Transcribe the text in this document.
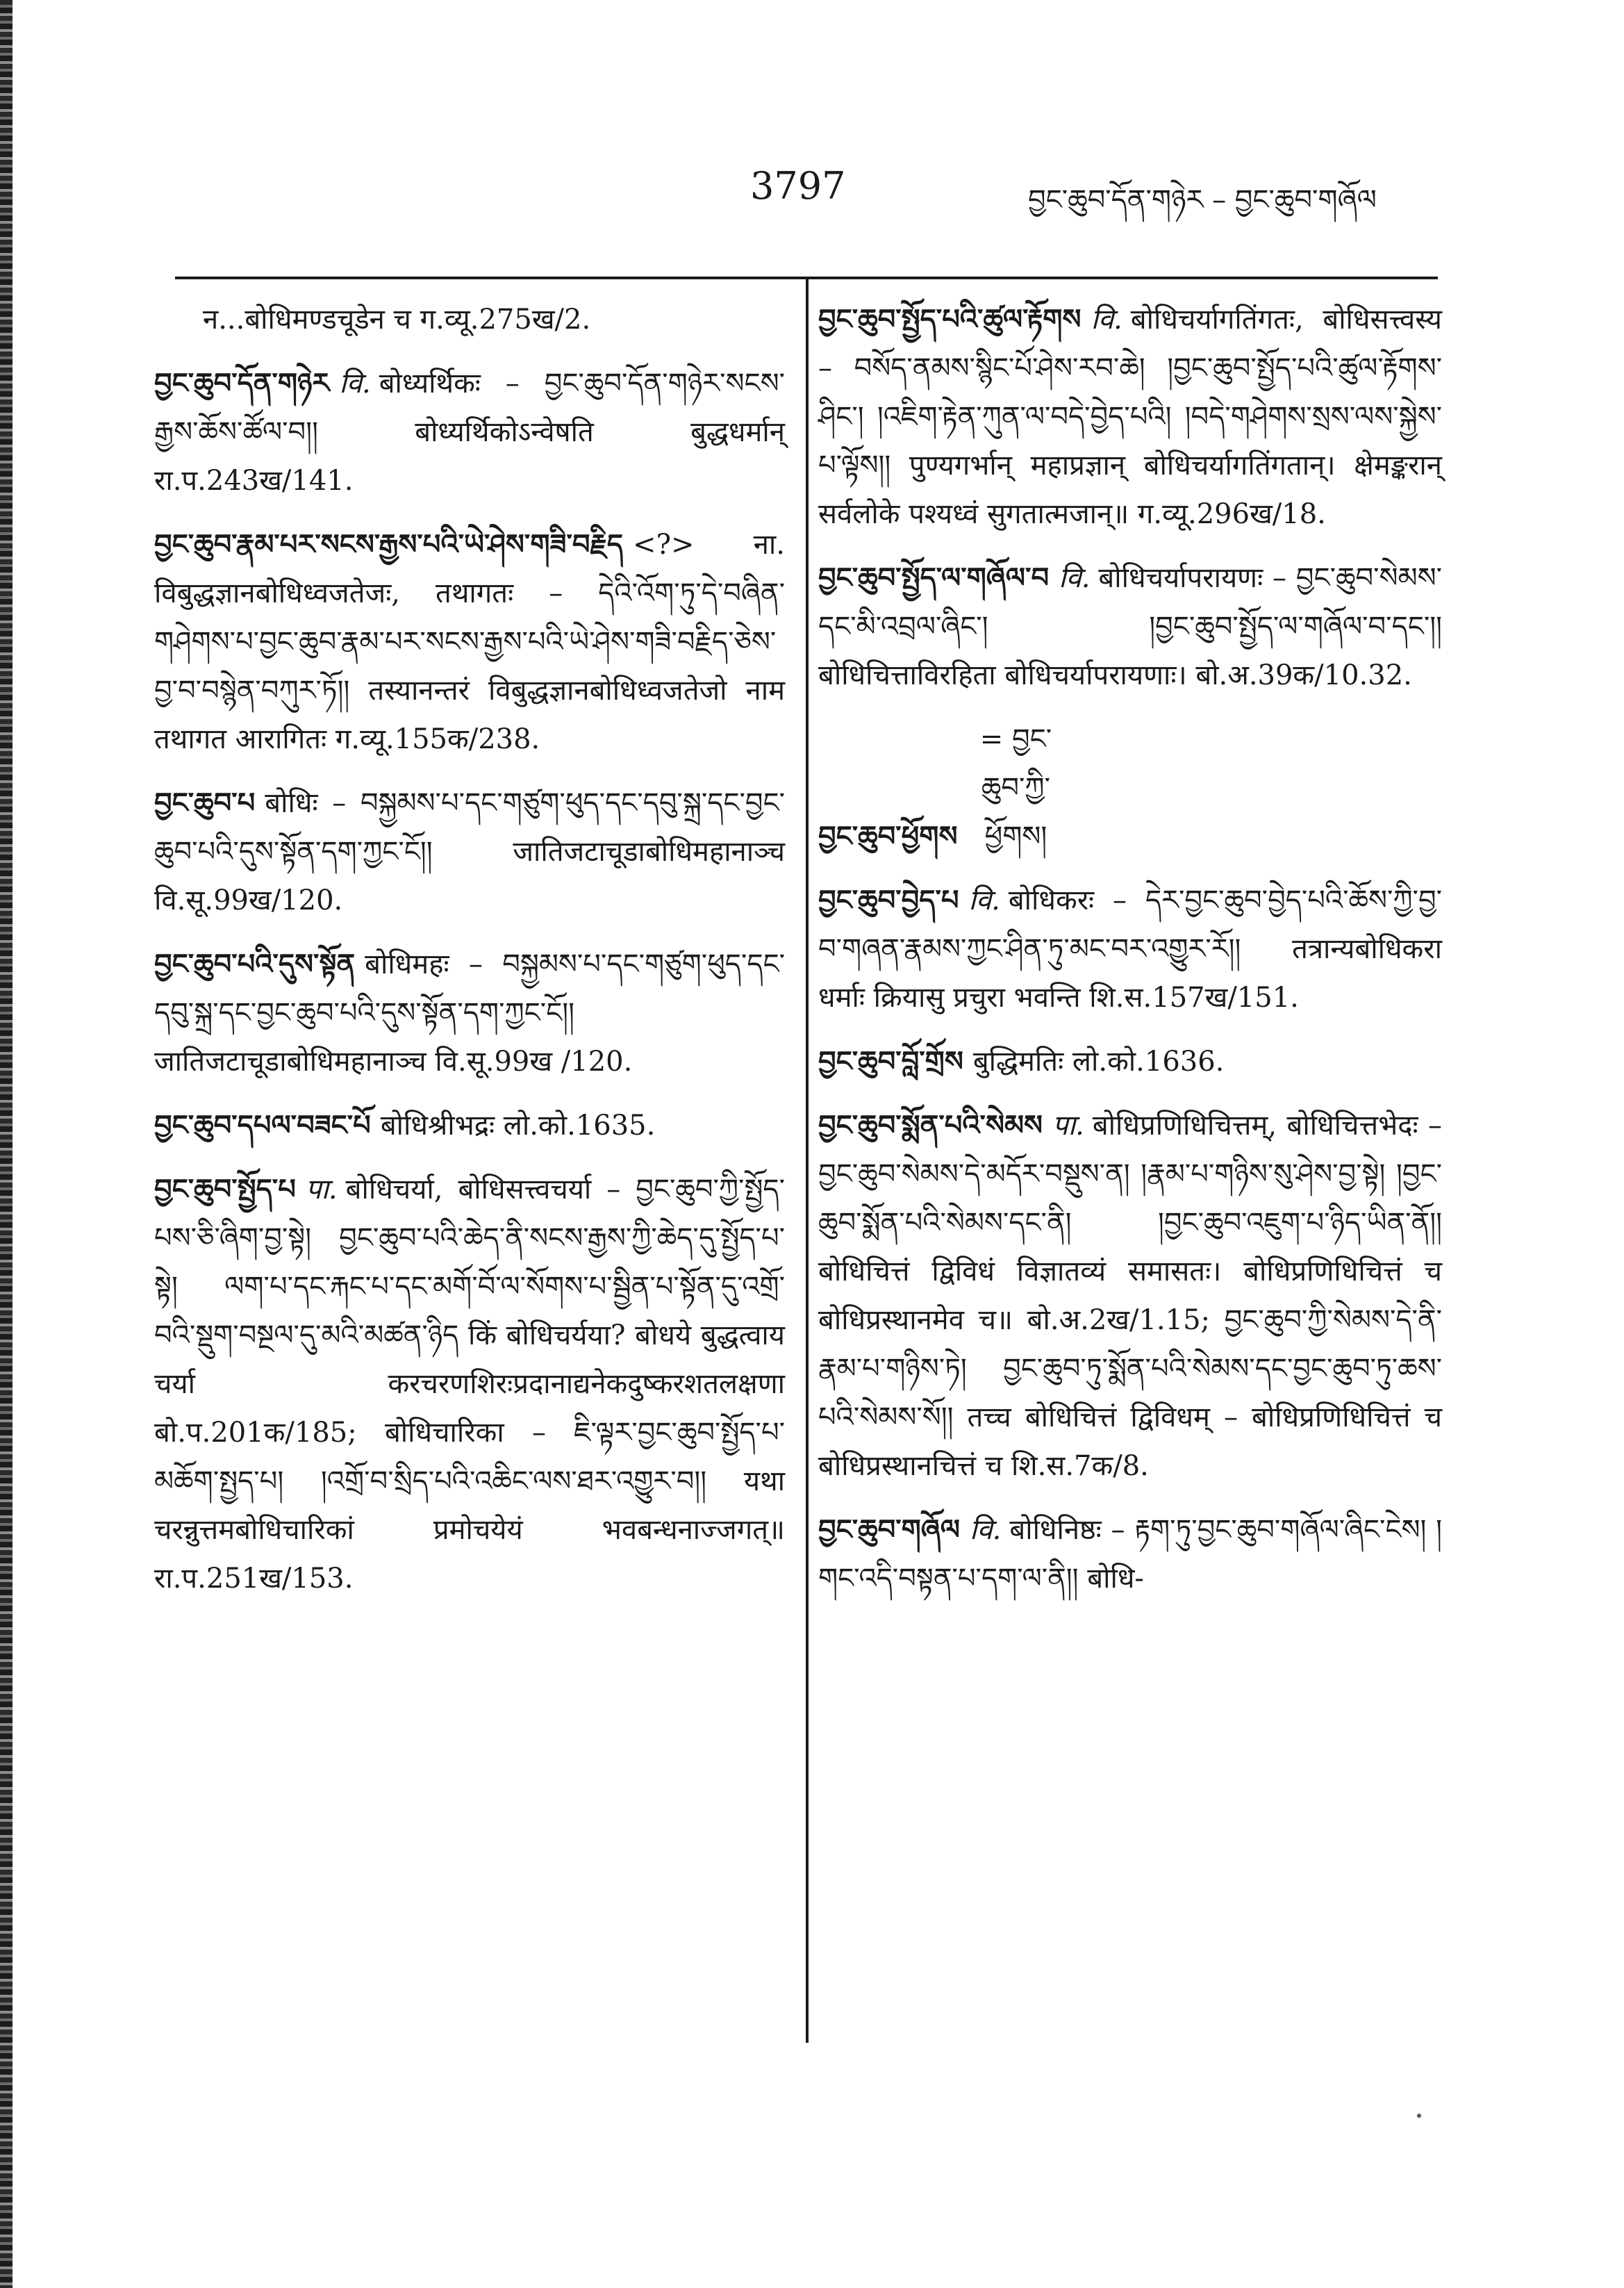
3797	བྱང་ཆུབ་དོན་གཉེར – བྱང་ཆུབ་གཞོལ

न...बोधिमण्डचूडेन च ग.व्यू.275ख/2.

བྱང་ཆུབ་དོན་གཉེར वि. बोध्यर्थिकः – བྱང་ཆུབ་དོན་གཉེར་སངས་རྒྱས་ཆོས་ཚོལ་བ།། बोध्यर्थिकोऽन्वेषति बुद्धधर्मान् रा.प.243ख/141.

བྱང་ཆུབ་རྣམ་པར་སངས་རྒྱས་པའི་ཡེ་ཤེས་གཟི་བརྗིད <?> ना. विबुद्धज्ञानबोधिध्वजतेजः, तथागतः – དེའི་འོག་ཏུ་དེ་བཞིན་གཤེགས་པ་བྱང་ཆུབ་རྣམ་པར་སངས་རྒྱས་པའི་ཡེ་ཤེས་གཟི་བརྗིད་ཅེས་བྱ་བ་བསྙེན་བཀུར་ཏོ།། तस्यानन्तरं विबुद्धज्ञानबोधिध्वजतेजो नाम तथागत आरागितः ग.व्यू.155क/238.

བྱང་ཆུབ་པ बोधिः – བསྐྱམས་པ་དང་གཙུག་ཕུད་དང་དབུ་སྐྲ་དང་བྱང་ཆུབ་པའི་དུས་སྟོན་དག་ཀྱང་ངོ།། जातिजटाचूडाबोधिमहानाञ्च वि.सू.99ख/120.

བྱང་ཆུབ་པའི་དུས་སྟོན बोधिमहः – བསྐྱམས་པ་དང་གཙུག་ཕུད་དང་དབུ་སྐྲ་དང་བྱང་ཆུབ་པའི་དུས་སྟོན་དག་ཀྱང་ངོ།། जातिजटाचूडाबोधिमहानाञ्च वि.सू.99ख /120.

བྱང་ཆུབ་དཔལ་བཟང་པོ बोधिश्रीभद्रः लो.को.1635.

བྱང་ཆུབ་སྤྱོད་པ पा. बोधिचर्या, बोधिसत्त्वचर्या – བྱང་ཆུབ་ཀྱི་སྤྱོད་པས་ཅི་ཞིག་བྱ་སྟེ། བྱང་ཆུབ་པའི་ཆེད་ནི་སངས་རྒྱས་ཀྱི་ཆེད་དུ་སྤྱོད་པ་སྟེ། ལག་པ་དང་རྐང་པ་དང་མགོ་བོ་ལ་སོགས་པ་སྦྱིན་པ་སྟོན་དུ་འགྲོ་བའི་སྡུག་བསྔལ་དུ་མའི་མཚན་ཉིད किं बोधिचर्यया? बोधये बुद्धत्वाय चर्या करचरणशिरःप्रदानाद्यनेकदुष्करशतलक्षणा बो.प.201क/185; बोधिचारिका – ཇི་ལྟར་བྱང་ཆུབ་སྤྱོད་པ་མཆོག་སྤྱད་པ། །འགྲོ་བ་སྲིད་པའི་འཆིང་ལས་ཐར་འགྱུར་བ།། यथा चरन्नुत्तमबोधिचारिकां प्रमोचयेयं भवबन्धनाज्जगत्॥ रा.प.251ख/153.

བྱང་ཆུབ་སྤྱོད་པའི་ཚུལ་རྟོགས वि. बोधिचर्यागतिंगतः, बोधिसत्त्वस्य – བསོད་ནམས་སྙིང་པོ་ཤེས་རབ་ཆེ། །བྱང་ཆུབ་སྤྱོད་པའི་ཚུལ་རྟོགས་ཤིང་། །འཇིག་རྟེན་ཀུན་ལ་བདེ་བྱེད་པའི། །བདེ་གཤེགས་སྲས་ལས་སྐྱེས་པ་ལྟོས།། पुण्यगर्भान् महाप्रज्ञान् बोधिचर्यागतिंगतान्। क्षेमङ्करान् सर्वलोके पश्यध्वं सुगतात्मजान्॥ ग.व्यू.296ख/18.

བྱང་ཆུབ་སྤྱོད་ལ་གཞོལ་བ वि. बोधिचर्यापरायणः – བྱང་ཆུབ་སེམས་དང་མི་འབྲལ་ཞིང་། །བྱང་ཆུབ་སྤྱོད་ལ་གཞོལ་བ་དང་།། बोधिचित्ताविरहिता बोधिचर्यापरायणाः। बो.अ.39क/10.32.

བྱང་ཆུབ་ཕྱོགས= བྱང་ཆུབ་ཀྱི་ཕྱོགས།

བྱང་ཆུབ་བྱེད་པ वि. बोधिकरः – དེར་བྱང་ཆུབ་བྱེད་པའི་ཆོས་ཀྱི་བྱ་བ་གཞན་རྣམས་ཀྱང་ཤིན་ཏུ་མང་བར་འགྱུར་རོ།། तत्रान्यबोधिकरा धर्माः क्रियासु प्रचुरा भवन्ति शि.स.157ख/151.

བྱང་ཆུབ་བློ་གྲོས बुद्धिमतिः लो.को.1636.

བྱང་ཆུབ་སྨོན་པའི་སེམས पा. बोधिप्रणिधिचित्तम्, बोधिचित्तभेदः – བྱང་ཆུབ་སེམས་དེ་མདོར་བསྡུས་ན། །རྣམ་པ་གཉིས་སུ་ཤེས་བྱ་སྟེ། །བྱང་ཆུབ་སྨོན་པའི་སེམས་དང་ནི། །བྱང་ཆུབ་འཇུག་པ་ཉིད་ཡིན་ནོ།། बोधिचित्तं द्विविधं विज्ञातव्यं समासतः। बोधिप्रणिधिचित्तं च बोधिप्रस्थानमेव च॥ बो.अ.2ख/1.15; བྱང་ཆུབ་ཀྱི་སེམས་དེ་ནི་རྣམ་པ་གཉིས་ཏེ། བྱང་ཆུབ་ཏུ་སྨོན་པའི་སེམས་དང་བྱང་ཆུབ་ཏུ་ཆས་པའི་སེམས་སོ།། तच्च बोधिचित्तं द्विविधम् – बोधिप्रणिधिचित्तं च बोधिप्रस्थानचित्तं च शि.स.7क/8.

བྱང་ཆུབ་གཞོལ वि. बोधिनिष्ठः – རྟག་ཏུ་བྱང་ཆུབ་གཞོལ་ཞིང་ངེས། །གང་འདི་བསྟན་པ་དག་ལ་ནི།། बोधि-
